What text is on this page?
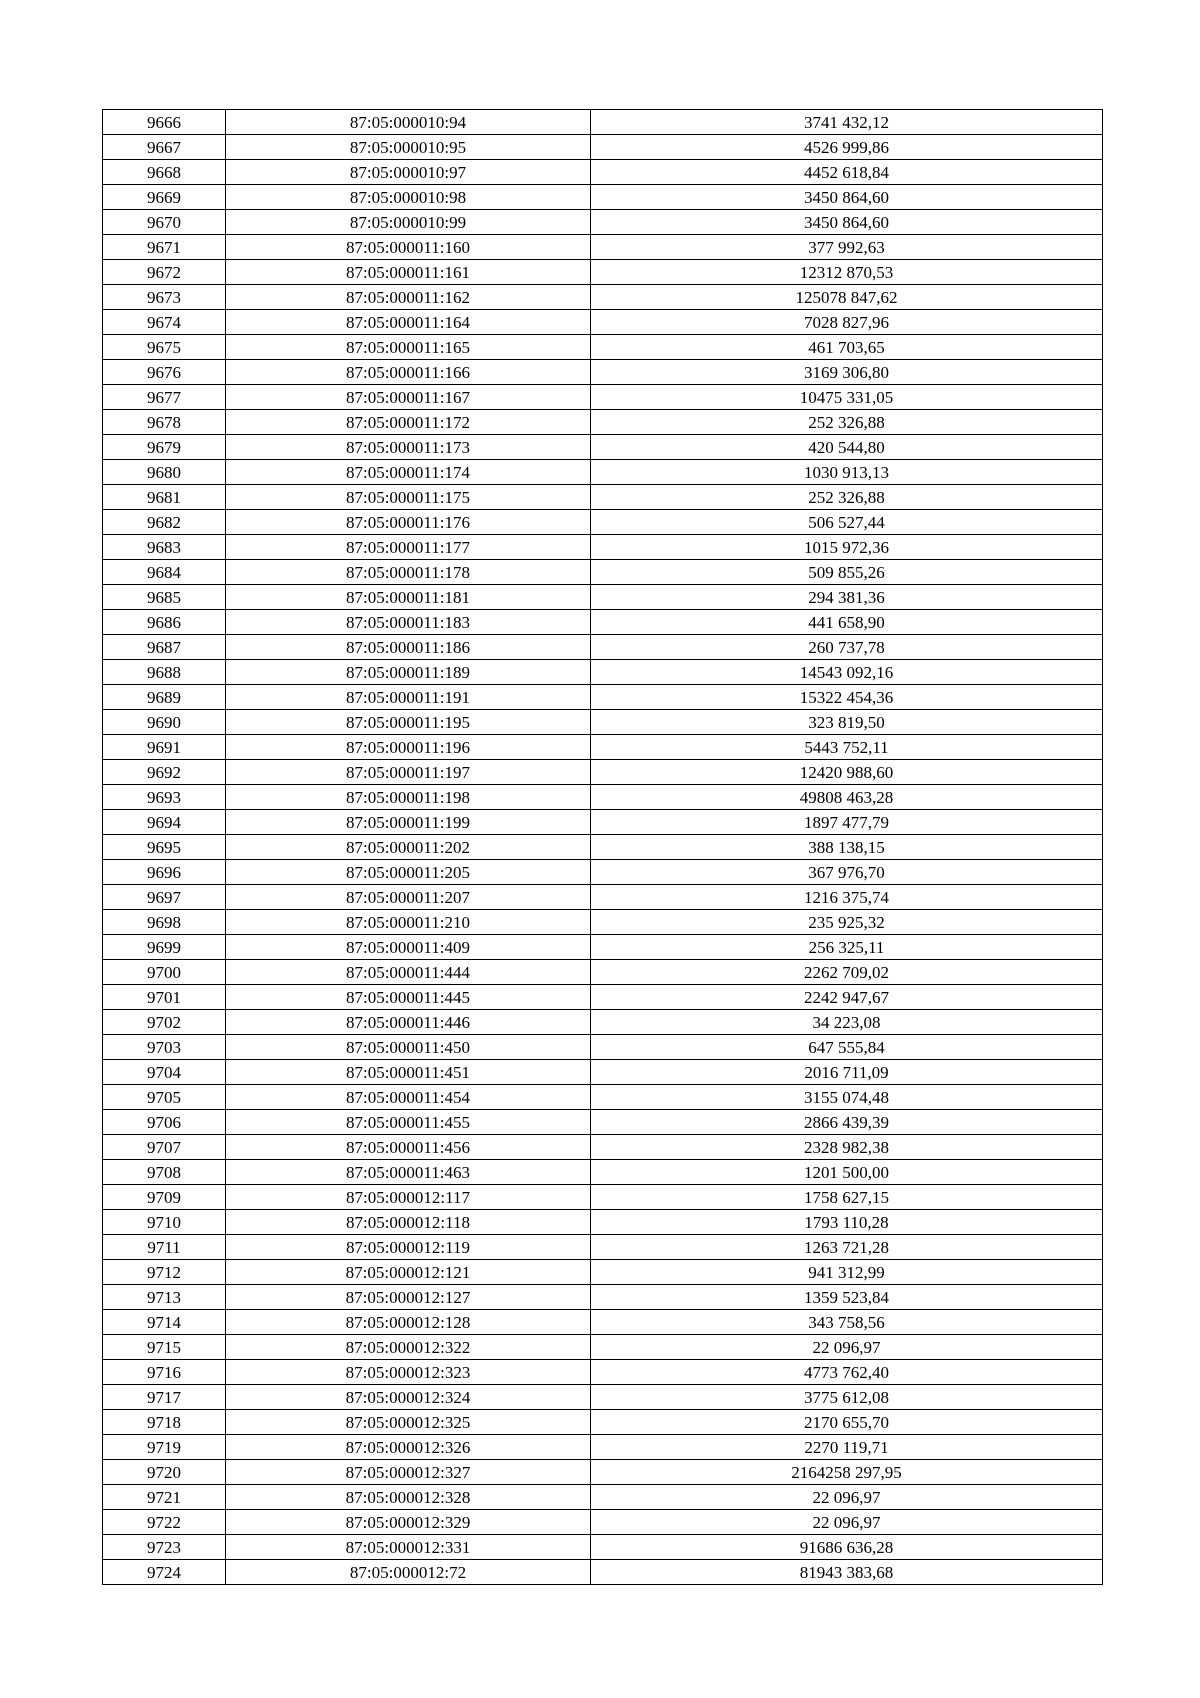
9666	87:05:000010:94	3741 432,12
9667	87:05:000010:95	4526 999,86
9668	87:05:000010:97	4452 618,84
9669	87:05:000010:98	3450 864,60
9670	87:05:000010:99	3450 864,60
9671	87:05:000011:160	377 992,63
9672	87:05:000011:161	12312 870,53
9673	87:05:000011:162	125078 847,62
9674	87:05:000011:164	7028 827,96
9675	87:05:000011:165	461 703,65
9676	87:05:000011:166	3169 306,80
9677	87:05:000011:167	10475 331,05
9678	87:05:000011:172	252 326,88
9679	87:05:000011:173	420 544,80
9680	87:05:000011:174	1030 913,13
9681	87:05:000011:175	252 326,88
9682	87:05:000011:176	506 527,44
9683	87:05:000011:177	1015 972,36
9684	87:05:000011:178	509 855,26
9685	87:05:000011:181	294 381,36
9686	87:05:000011:183	441 658,90
9687	87:05:000011:186	260 737,78
9688	87:05:000011:189	14543 092,16
9689	87:05:000011:191	15322 454,36
9690	87:05:000011:195	323 819,50
9691	87:05:000011:196	5443 752,11
9692	87:05:000011:197	12420 988,60
9693	87:05:000011:198	49808 463,28
9694	87:05:000011:199	1897 477,79
9695	87:05:000011:202	388 138,15
9696	87:05:000011:205	367 976,70
9697	87:05:000011:207	1216 375,74
9698	87:05:000011:210	235 925,32
9699	87:05:000011:409	256 325,11
9700	87:05:000011:444	2262 709,02
9701	87:05:000011:445	2242 947,67
9702	87:05:000011:446	34 223,08
9703	87:05:000011:450	647 555,84
9704	87:05:000011:451	2016 711,09
9705	87:05:000011:454	3155 074,48
9706	87:05:000011:455	2866 439,39
9707	87:05:000011:456	2328 982,38
9708	87:05:000011:463	1201 500,00
9709	87:05:000012:117	1758 627,15
9710	87:05:000012:118	1793 110,28
9711	87:05:000012:119	1263 721,28
9712	87:05:000012:121	941 312,99
9713	87:05:000012:127	1359 523,84
9714	87:05:000012:128	343 758,56
9715	87:05:000012:322	22 096,97
9716	87:05:000012:323	4773 762,40
9717	87:05:000012:324	3775 612,08
9718	87:05:000012:325	2170 655,70
9719	87:05:000012:326	2270 119,71
9720	87:05:000012:327	2164258 297,95
9721	87:05:000012:328	22 096,97
9722	87:05:000012:329	22 096,97
9723	87:05:000012:331	91686 636,28
9724	87:05:000012:72	81943 383,68
